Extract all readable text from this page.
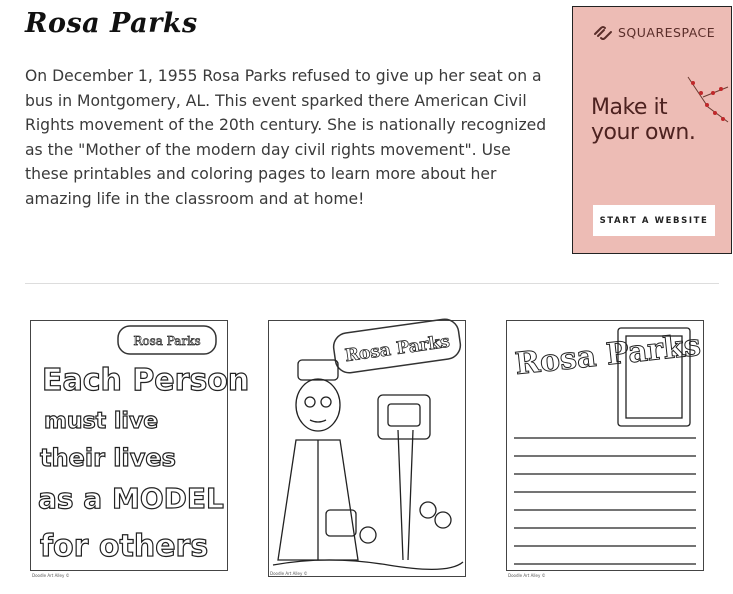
Rosa Parks
On December 1, 1955 Rosa Parks refused to give up her seat on a
bus in Montgomery, AL. This event sparked there American Civil
Rights movement of the 20th century. She is nationally recognized
as the "Mother of the modern day civil rights movement". Use
these printables and coloring pages to learn more about her
amazing life in the classroom and at home!
SQUARESPACE
Make it
your own.
START A WEBSITE
Rosa Parks
Each Person
must live
their lives
as a MODEL
for others
Doodle Art Alley ©
Rosa Parks
Doodle Art Alley ©
Rosa Parks
Doodle Art Alley ©
